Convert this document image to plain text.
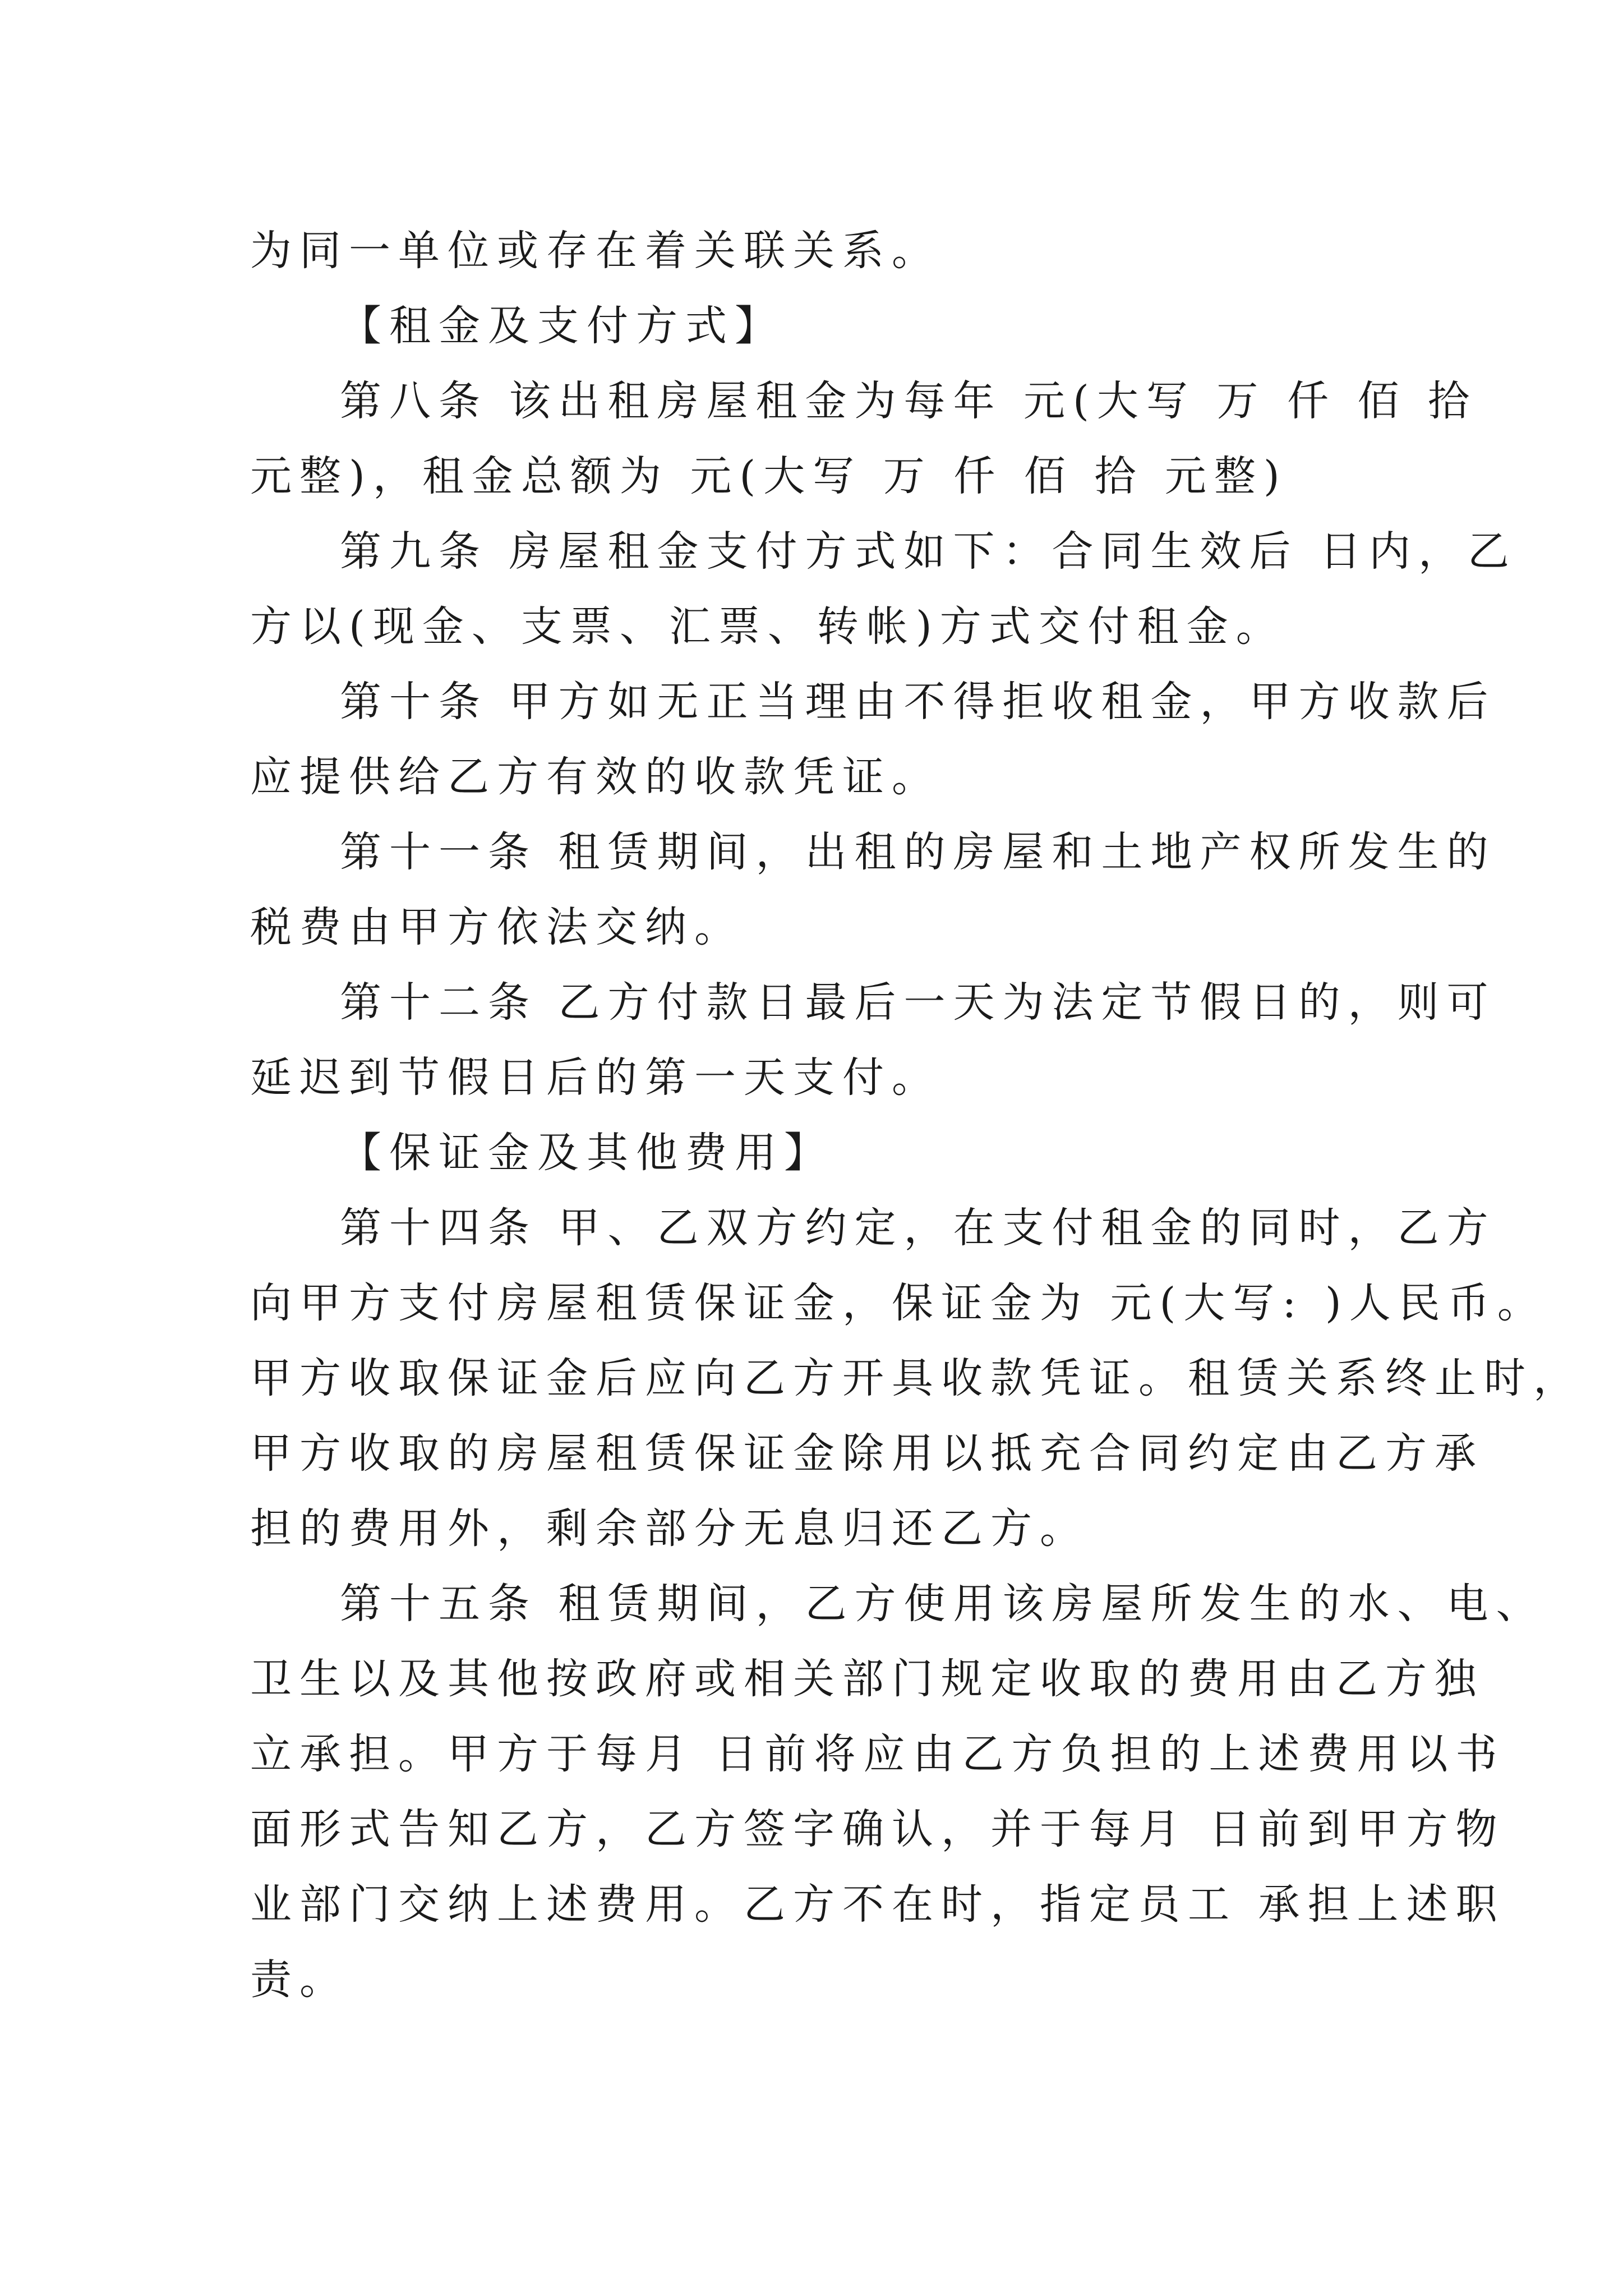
为同一单位或存在着关联关系。
【租金及支付方式】
第八条 该出租房屋租金为每年 元(大写 万 仟 佰 拾
元整)，租金总额为 元(大写 万 仟 佰 拾 元整)
第九条 房屋租金支付方式如下：合同生效后 日内，乙
方以(现金、支票、汇票、转帐)方式交付租金。
第十条 甲方如无正当理由不得拒收租金，甲方收款后
应提供给乙方有效的收款凭证。
第十一条 租赁期间，出租的房屋和土地产权所发生的
税费由甲方依法交纳。
第十二条 乙方付款日最后一天为法定节假日的，则可
延迟到节假日后的第一天支付。
【保证金及其他费用】
第十四条 甲、乙双方约定，在支付租金的同时，乙方
向甲方支付房屋租赁保证金，保证金为 元(大写: )人民币。
甲方收取保证金后应向乙方开具收款凭证。租赁关系终止时，
甲方收取的房屋租赁保证金除用以抵充合同约定由乙方承
担的费用外，剩余部分无息归还乙方。
第十五条 租赁期间，乙方使用该房屋所发生的水、电、
卫生以及其他按政府或相关部门规定收取的费用由乙方独
立承担。甲方于每月 日前将应由乙方负担的上述费用以书
面形式告知乙方，乙方签字确认，并于每月 日前到甲方物
业部门交纳上述费用。乙方不在时，指定员工 承担上述职
责。
